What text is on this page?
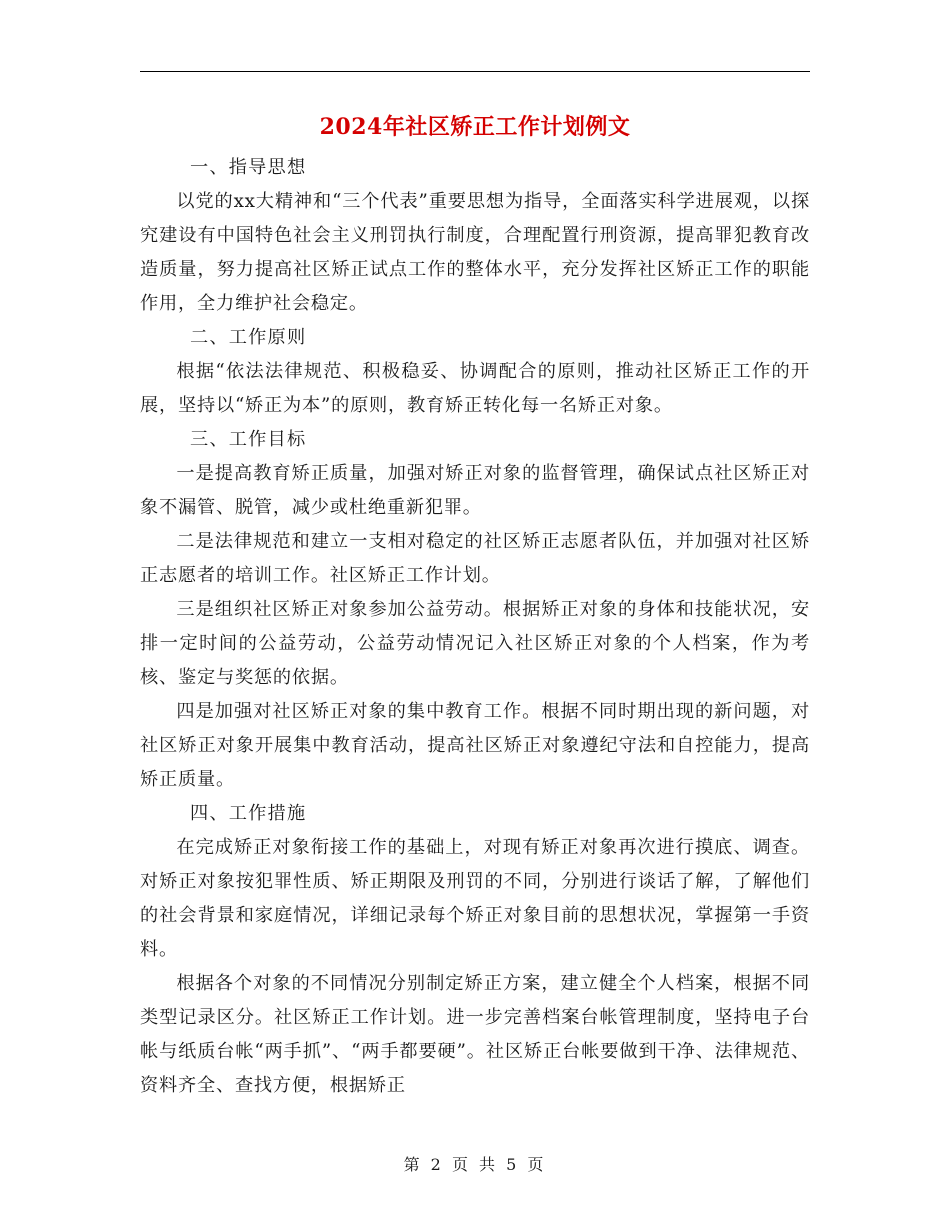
2024年社区矫正工作计划例文

一、指导思想

以党的xx大精神和“三个代表”重要思想为指导，全面落实科学进展观，以探究建设有中国特色社会主义刑罚执行制度，合理配置行刑资源，提高罪犯教育改造质量，努力提高社区矫正试点工作的整体水平，充分发挥社区矫正工作的职能作用，全力维护社会稳定。

二、工作原则

根据“依法法律规范、积极稳妥、协调配合的原则，推动社区矫正工作的开展，坚持以“矫正为本”的原则，教育矫正转化每一名矫正对象。

三、工作目标

一是提高教育矫正质量，加强对矫正对象的监督管理，确保试点社区矫正对象不漏管、脱管，减少或杜绝重新犯罪。

二是法律规范和建立一支相对稳定的社区矫正志愿者队伍，并加强对社区矫正志愿者的培训工作。社区矫正工作计划。

三是组织社区矫正对象参加公益劳动。根据矫正对象的身体和技能状况，安排一定时间的公益劳动，公益劳动情况记入社区矫正对象的个人档案，作为考核、鉴定与奖惩的依据。

四是加强对社区矫正对象的集中教育工作。根据不同时期出现的新问题，对社区矫正对象开展集中教育活动，提高社区矫正对象遵纪守法和自控能力，提高矫正质量。

四、工作措施

在完成矫正对象衔接工作的基础上，对现有矫正对象再次进行摸底、调查。对矫正对象按犯罪性质、矫正期限及刑罚的不同，分别进行谈话了解，了解他们的社会背景和家庭情况，详细记录每个矫正对象目前的思想状况，掌握第一手资料。

根据各个对象的不同情况分别制定矫正方案，建立健全个人档案，根据不同类型记录区分。社区矫正工作计划。进一步完善档案台帐管理制度，坚持电子台帐与纸质台帐“两手抓”、“两手都要硬”。社区矫正台帐要做到干净、法律规范、资料齐全、查找方便，根据矫正

第 2 页 共 5 页
